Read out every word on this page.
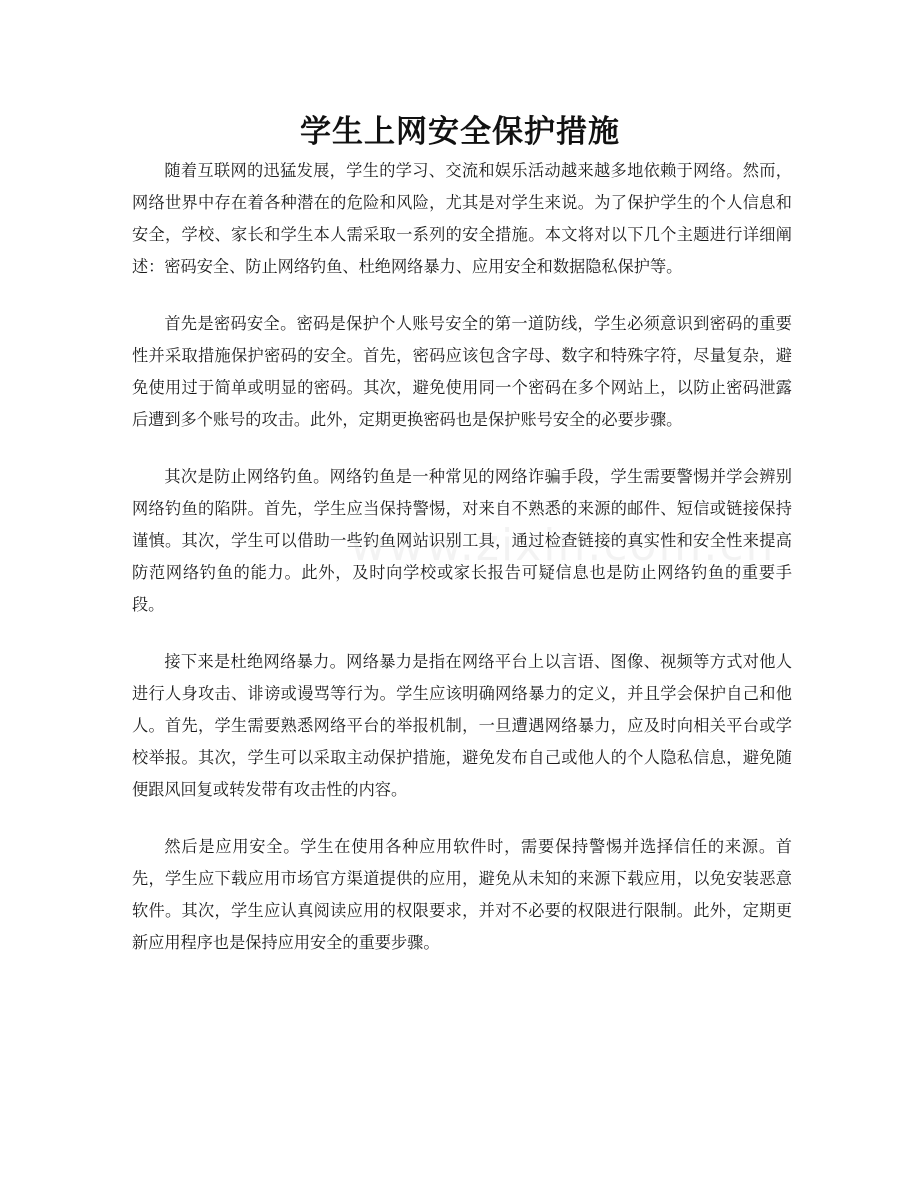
学生上网安全保护措施

随着互联网的迅猛发展，学生的学习、交流和娱乐活动越来越多地依赖于网络。然而，网络世界中存在着各种潜在的危险和风险，尤其是对学生来说。为了保护学生的个人信息和安全，学校、家长和学生本人需采取一系列的安全措施。本文将对以下几个主题进行详细阐述：密码安全、防止网络钓鱼、杜绝网络暴力、应用安全和数据隐私保护等。

首先是密码安全。密码是保护个人账号安全的第一道防线，学生必须意识到密码的重要性并采取措施保护密码的安全。首先，密码应该包含字母、数字和特殊字符，尽量复杂，避免使用过于简单或明显的密码。其次，避免使用同一个密码在多个网站上，以防止密码泄露后遭到多个账号的攻击。此外，定期更换密码也是保护账号安全的必要步骤。

其次是防止网络钓鱼。网络钓鱼是一种常见的网络诈骗手段，学生需要警惕并学会辨别网络钓鱼的陷阱。首先，学生应当保持警惕，对来自不熟悉的来源的邮件、短信或链接保持谨慎。其次，学生可以借助一些钓鱼网站识别工具，通过检查链接的真实性和安全性来提高防范网络钓鱼的能力。此外，及时向学校或家长报告可疑信息也是防止网络钓鱼的重要手段。

接下来是杜绝网络暴力。网络暴力是指在网络平台上以言语、图像、视频等方式对他人进行人身攻击、诽谤或谩骂等行为。学生应该明确网络暴力的定义，并且学会保护自己和他人。首先，学生需要熟悉网络平台的举报机制，一旦遭遇网络暴力，应及时向相关平台或学校举报。其次，学生可以采取主动保护措施，避免发布自己或他人的个人隐私信息，避免随便跟风回复或转发带有攻击性的内容。

然后是应用安全。学生在使用各种应用软件时，需要保持警惕并选择信任的来源。首先，学生应下载应用市场官方渠道提供的应用，避免从未知的来源下载应用，以免安装恶意软件。其次，学生应认真阅读应用的权限要求，并对不必要的权限进行限制。此外，定期更新应用程序也是保持应用安全的重要步骤。
